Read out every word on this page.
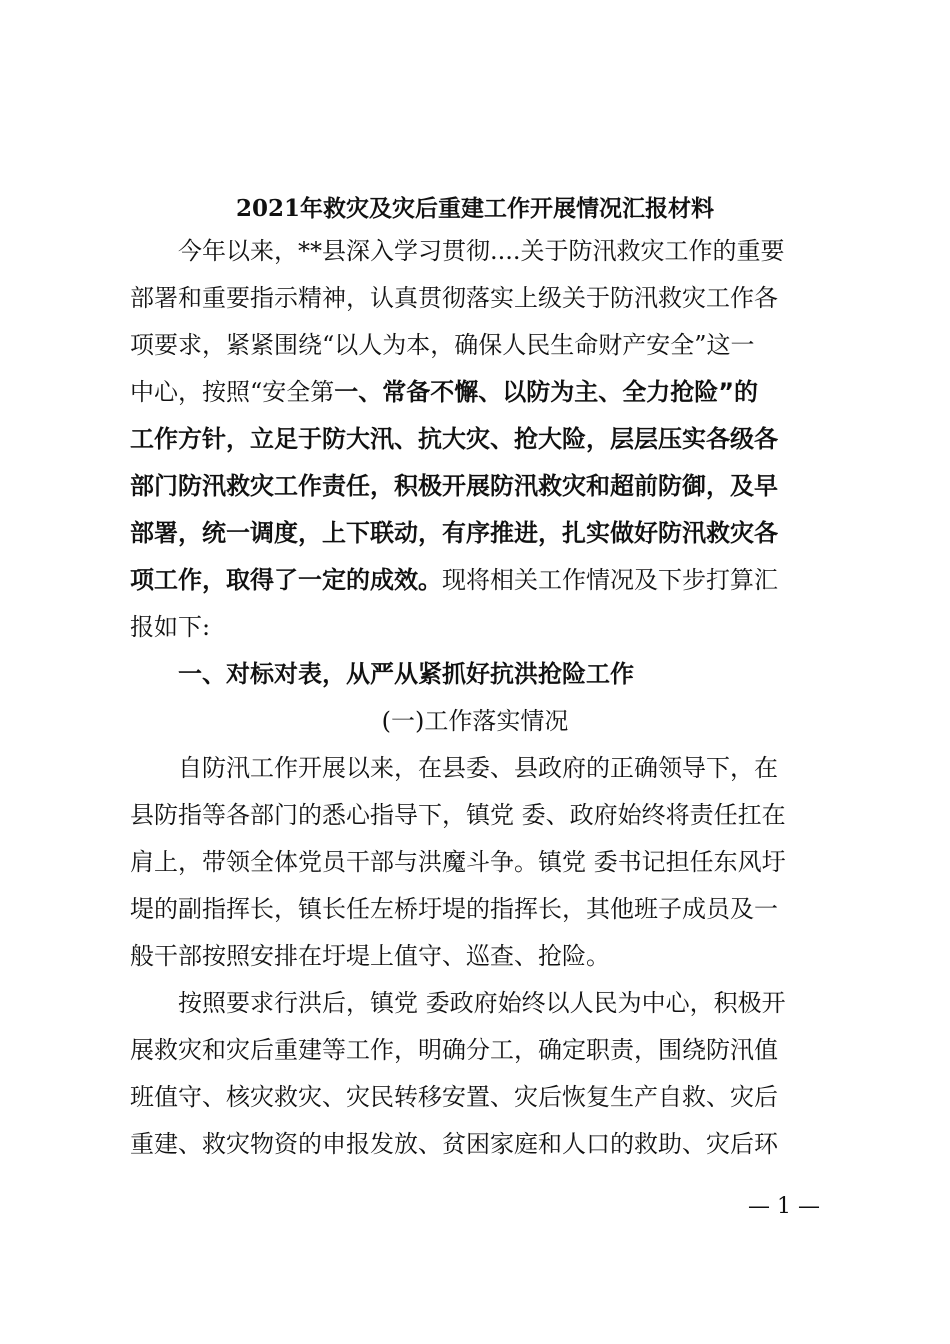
2021年救灾及灾后重建工作开展情况汇报材料
今年以来，**县深入学习贯彻....关于防汛救灾工作的重要
部署和重要指示精神，认真贯彻落实上级关于防汛救灾工作各
项要求，紧紧围绕“以人为本，确保人民生命财产安全”这一
中心，按照“安全第一、常备不懈、以防为主、全力抢险”的
工作方针，立足于防大汛、抗大灾、抢大险，层层压实各级各
部门防汛救灾工作责任，积极开展防汛救灾和超前防御，及早
部署，统一调度，上下联动，有序推进，扎实做好防汛救灾各
项工作，取得了一定的成效。现将相关工作情况及下步打算汇
报如下:
一、对标对表，从严从紧抓好抗洪抢险工作
(一)工作落实情况
自防汛工作开展以来，在县委、县政府的正确领导下，在
县防指等各部门的悉心指导下，镇党 委、政府始终将责任扛在
肩上，带领全体党员干部与洪魔斗争。镇党 委书记担任东风圩
堤的副指挥长，镇长任左桥圩堤的指挥长，其他班子成员及一
般干部按照安排在圩堤上值守、巡查、抢险。
按照要求行洪后，镇党 委政府始终以人民为中心，积极开
展救灾和灾后重建等工作，明确分工，确定职责，围绕防汛值
班值守、核灾救灾、灾民转移安置、灾后恢复生产自救、灾后
重建、救灾物资的申报发放、贫困家庭和人口的救助、灾后环
— 1 —
